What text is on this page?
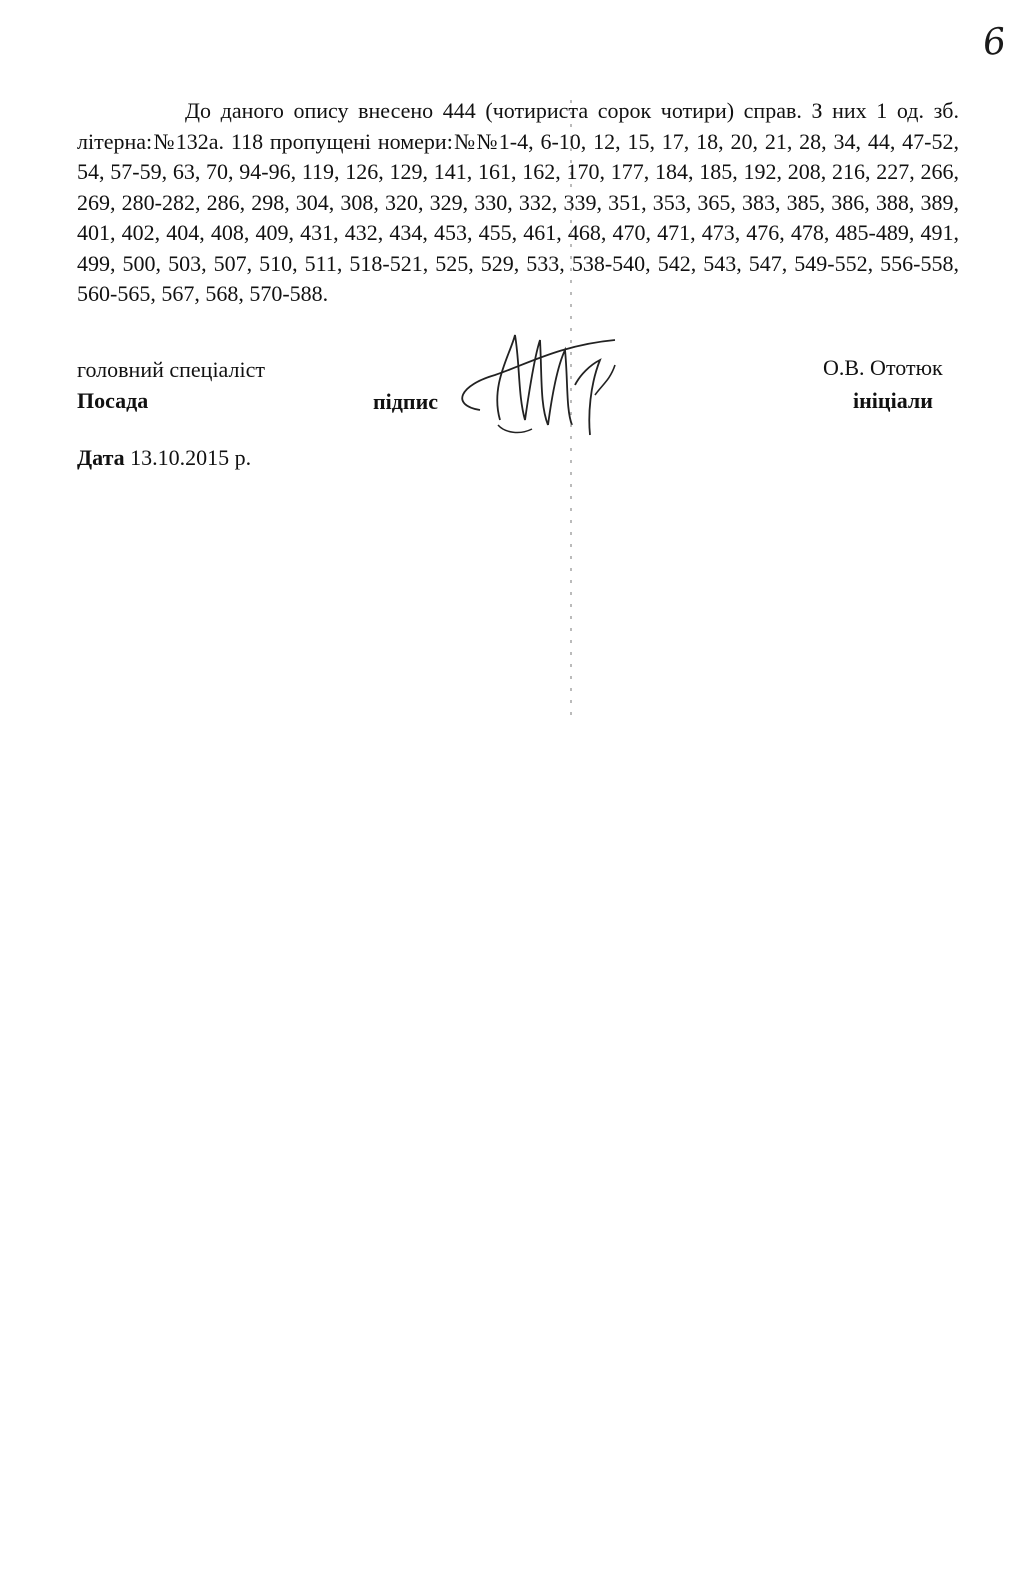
6

До даного опису внесено 444 (чотириста сорок чотири) справ. З них 1 од. зб. літерна:№132а. 118 пропущені номери:№№1-4, 6-10, 12, 15, 17, 18, 20, 21, 28, 34, 44, 47-52, 54, 57-59, 63, 70, 94-96, 119, 126, 129, 141, 161, 162, 170, 177, 184, 185, 192, 208, 216, 227, 266, 269, 280-282, 286, 298, 304, 308, 320, 329, 330, 332, 339, 351, 353, 365, 383, 385, 386, 388, 389, 401, 402, 404, 408, 409, 431, 432, 434, 453, 455, 461, 468, 470, 471, 473, 476, 478, 485-489, 491, 499, 500, 503, 507, 510, 511, 518-521, 525, 529, 533, 538-540, 542, 543, 547, 549-552, 556-558, 560-565, 567, 568, 570-588.

головний спеціаліст
Посада	підпис
О.В. Ототюк
ініціали
Дата 13.10.2015 р.
